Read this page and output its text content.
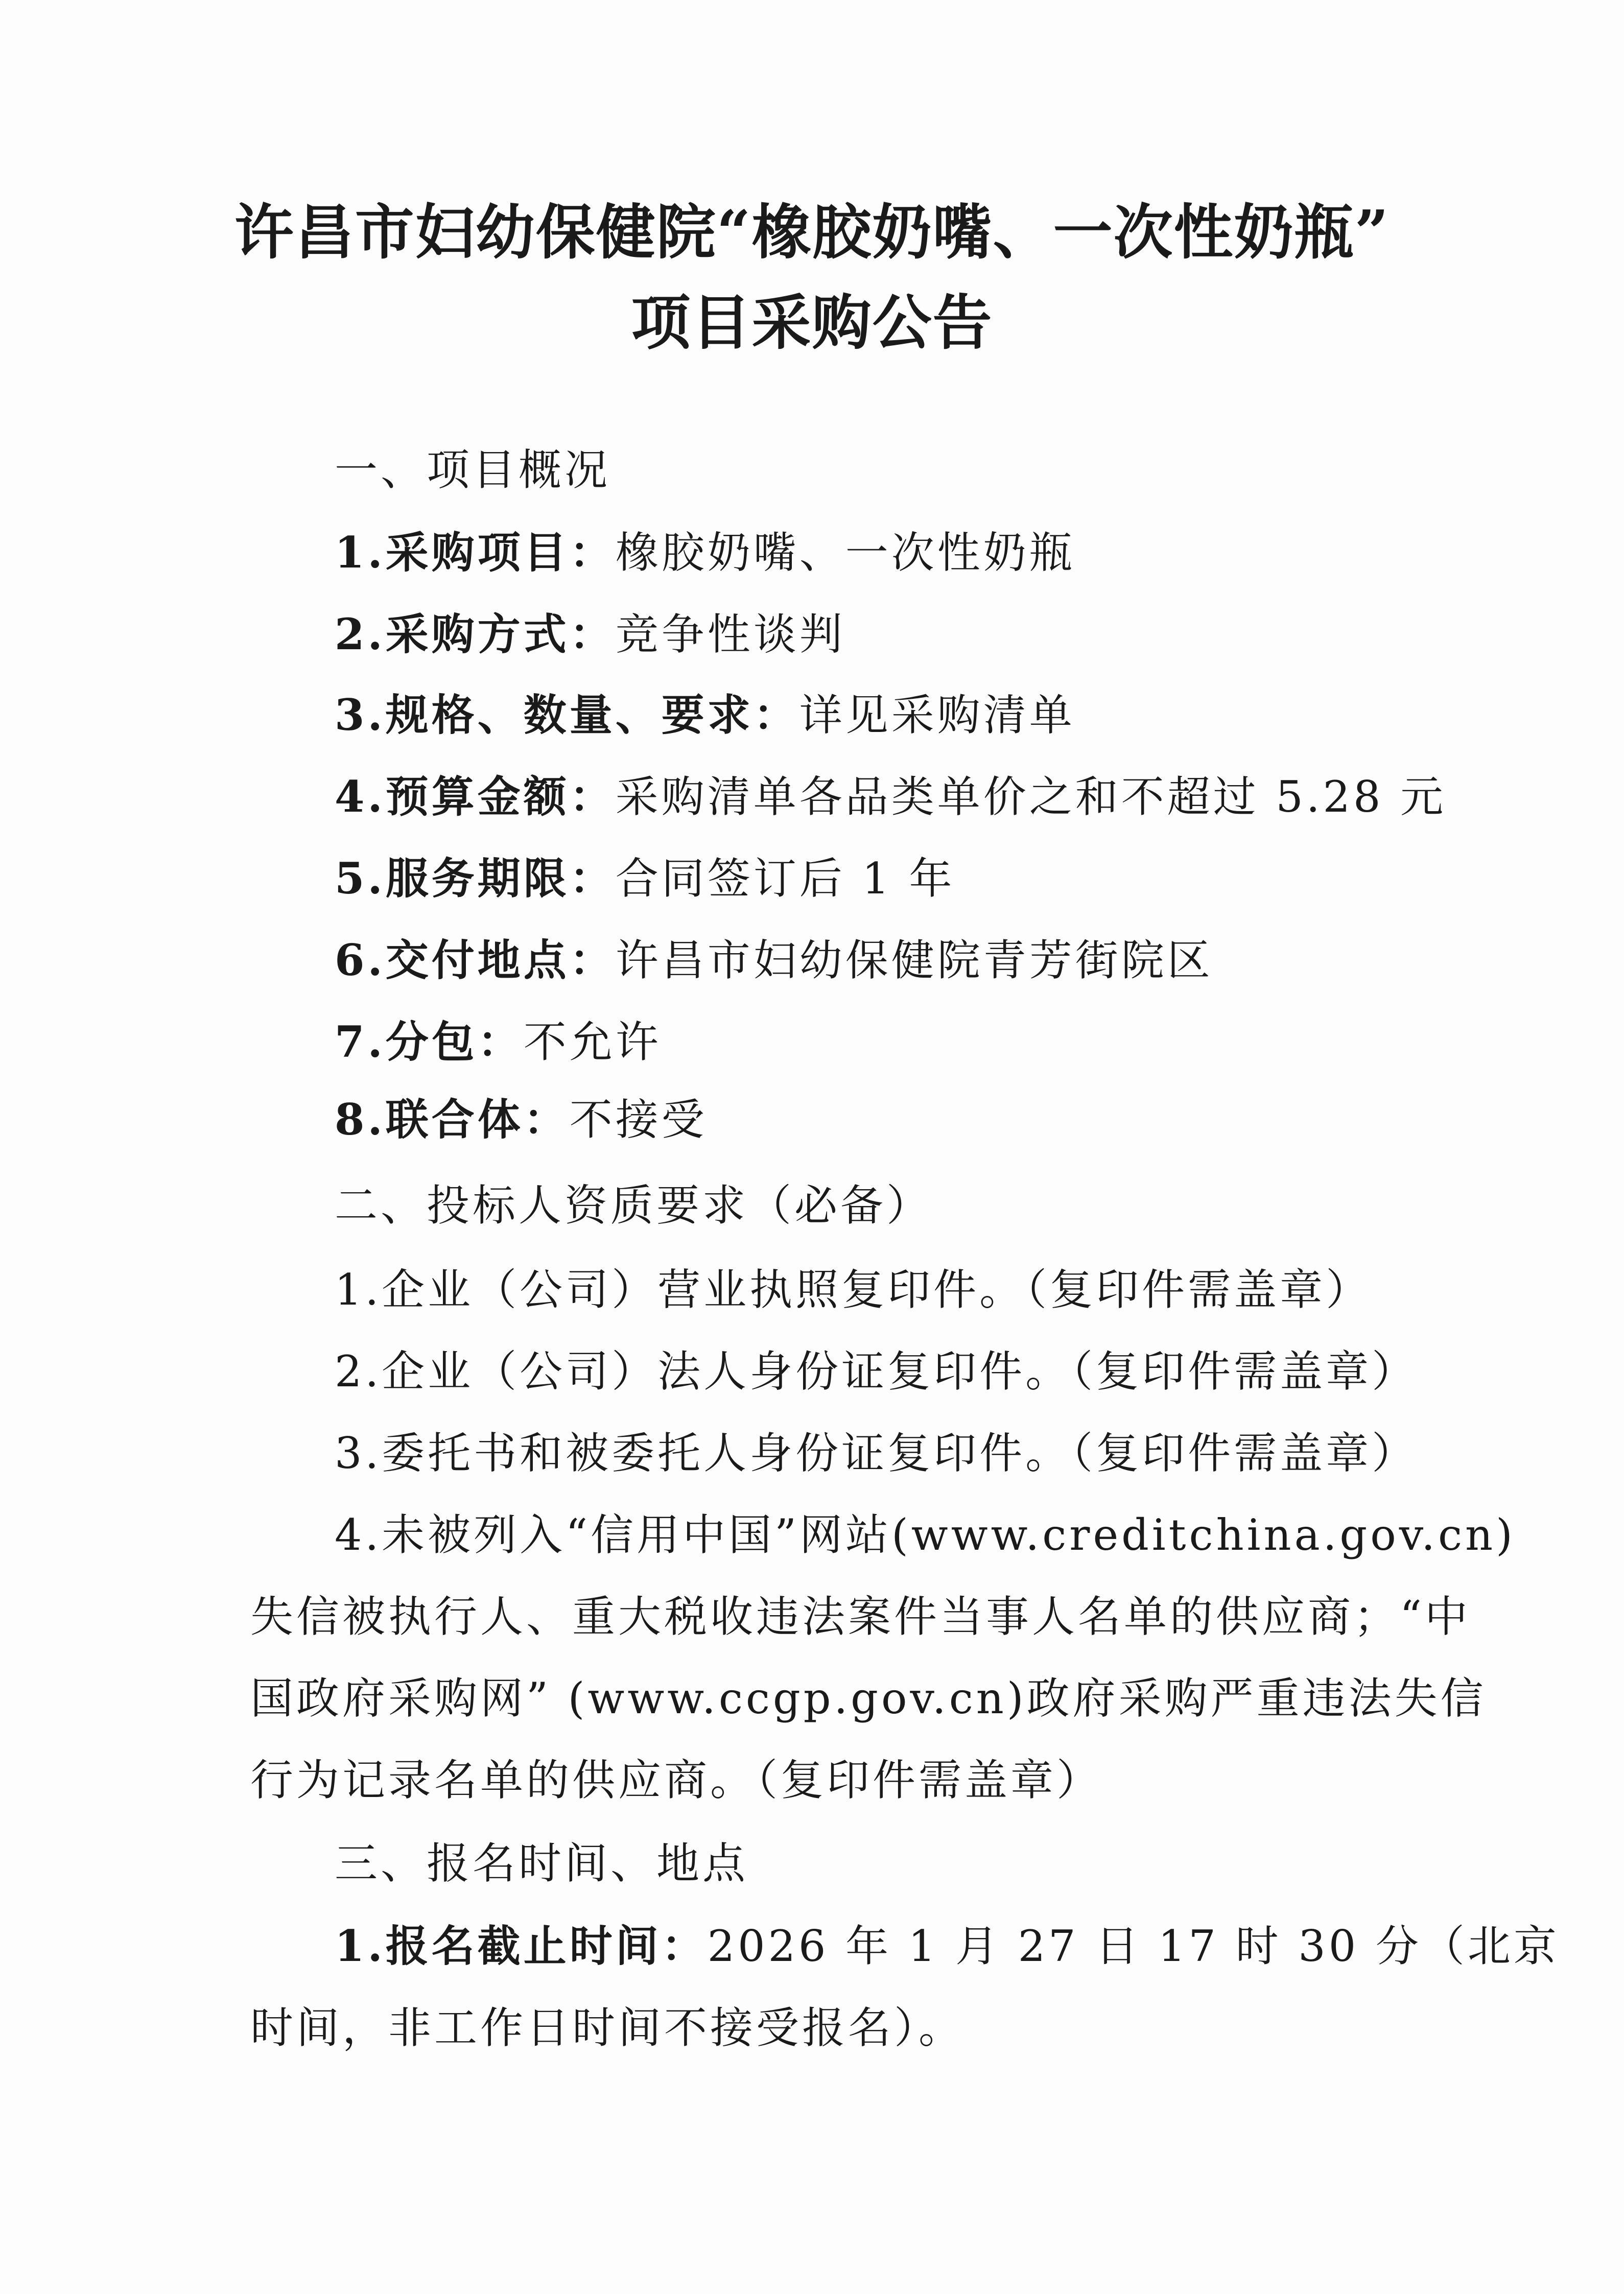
许昌市妇幼保健院“橡胶奶嘴、一次性奶瓶”
项目采购公告
一、项目概况
1.采购项目：橡胶奶嘴、一次性奶瓶
2.采购方式：竞争性谈判
3.规格、数量、要求：详见采购清单
4.预算金额：采购清单各品类单价之和不超过 5.28 元
5.服务期限：合同签订后 1 年
6.交付地点：许昌市妇幼保健院青芳街院区
7.分包：不允许
8.联合体：不接受
二、投标人资质要求（必备）
1.企业（公司）营业执照复印件。（复印件需盖章）
2.企业（公司）法人身份证复印件。（复印件需盖章）
3.委托书和被委托人身份证复印件。（复印件需盖章）
4.未被列入“信用中国”网站(www.creditchina.gov.cn)
失信被执行人、重大税收违法案件当事人名单的供应商；“中
国政府采购网” (www.ccgp.gov.cn)政府采购严重违法失信
行为记录名单的供应商。（复印件需盖章）
三、报名时间、地点
1.报名截止时间：2026 年 1 月 27 日 17 时 30 分（北京
时间，非工作日时间不接受报名）。
